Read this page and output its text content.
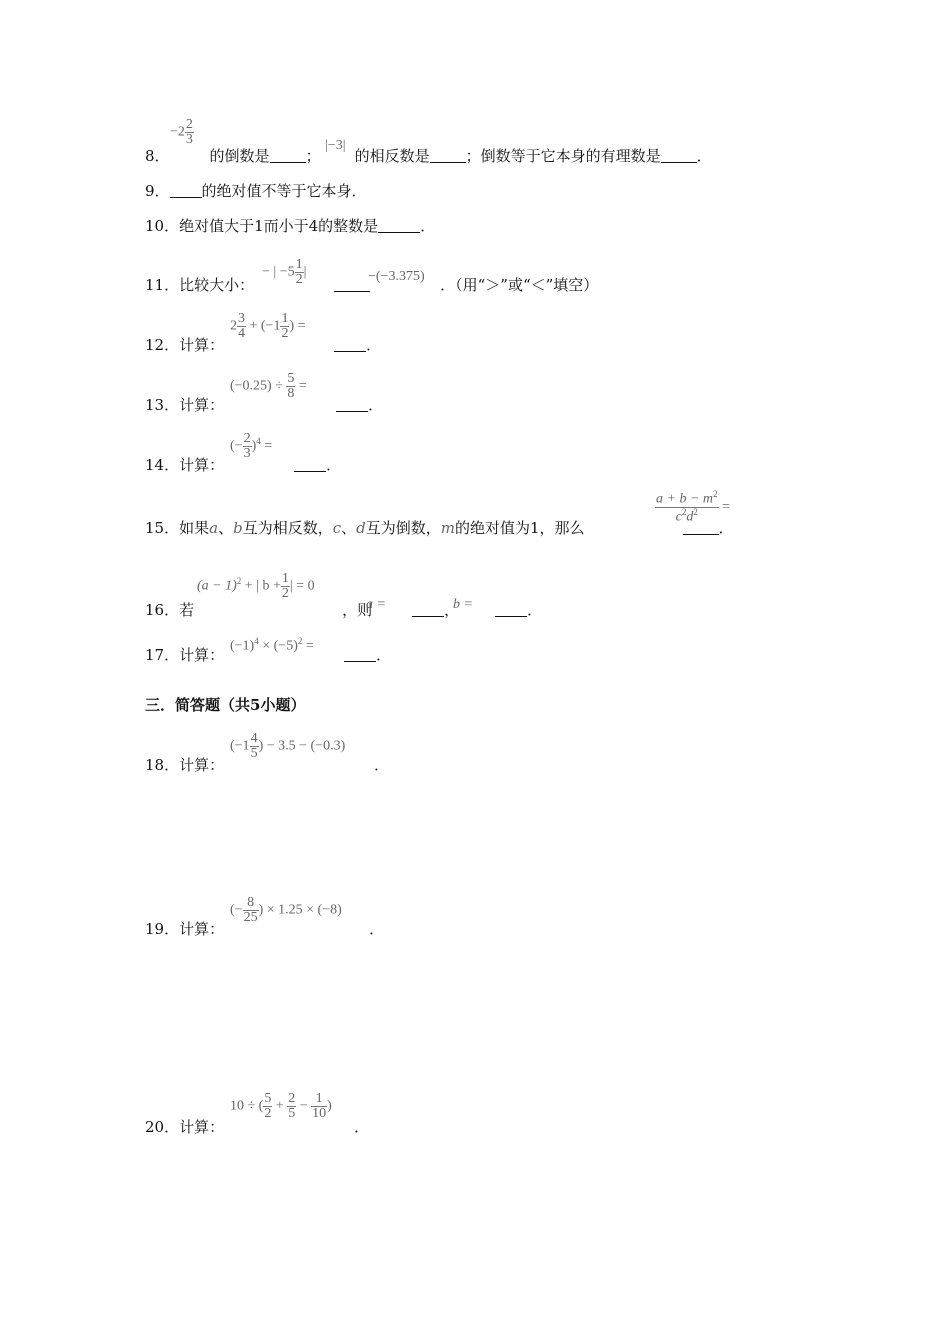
8．	的倒数是 ； 的相反数是 ；倒数等于它本身的有理数是 ．
$-2 \frac{2}{3}$	|−3|
9． 的绝对值不等于它本身．
10．绝对值大于1而小于4的整数是	．
11．比较大小：	．（用“＞”或“＜”填空）
− | $-5 \frac{1}{2}$ |	−(−3.375)
12．计算：	．
$2 \frac{3}{4} + (-1 \frac{1}{2}$ ) =
13．计算：	．
$(-0.25) \div \frac{5}{8}$ =
14．计算：	．
(− $\frac{2}{3} )^4$ =
15．如果a、b互为相反数，c、d互为倒数，m的绝对值为1，那么	．
$\frac{a + b - m^2}{c^2d^2}$ =
16．若	，则	，	．
$(a - 1)^2$ + | $b + \frac{1}{2}$ | = 0
a =	b =
17．计算：	．
$(-1)^4 \times (-5)^2$ =
三．简答题（共5小题）
18．计算：	．
($-1 \frac{4}{5}$ ) − 3.5 − (−0.3)
19．计算：	．
(− $\frac{8}{25}$ ) × 1.25 × (−8)
20．计算：	．
10 ÷ ( $\frac{5}{2} + \frac{2}{5} - \frac{1}{10}$ )
